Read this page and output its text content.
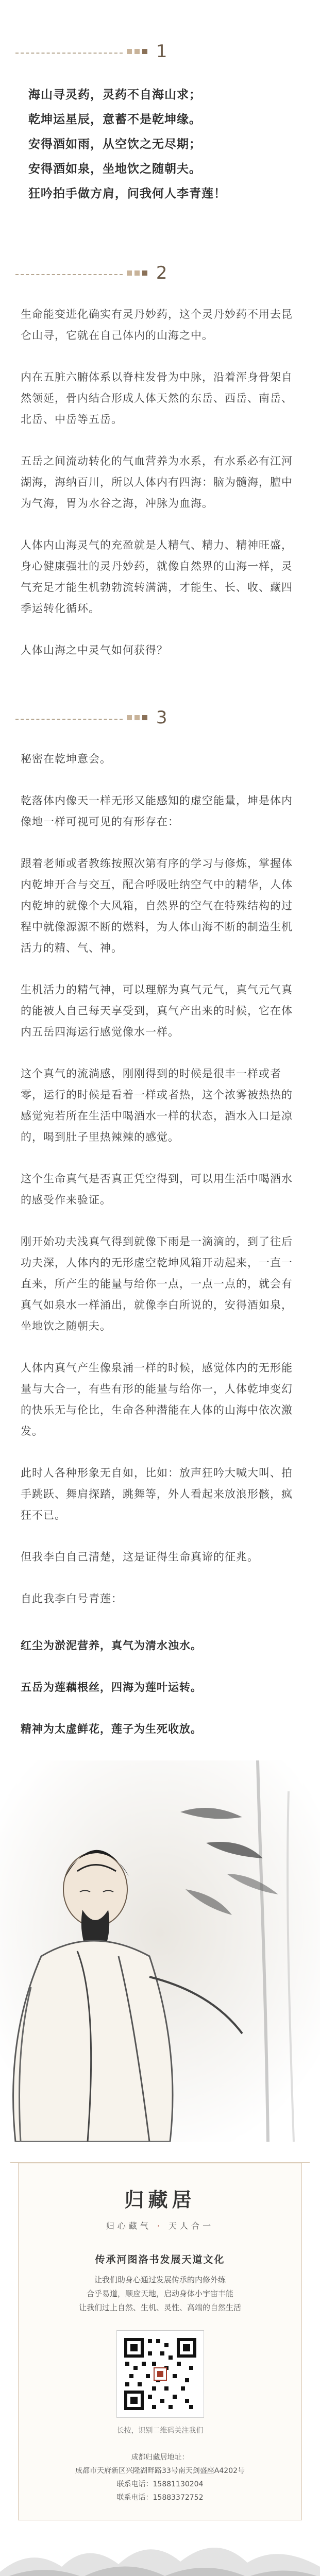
1

海山寻灵药，灵药不自海山求；

乾坤运星辰，意蓄不是乾坤缘。

安得酒如雨，从空饮之无尽期；

安得酒如泉，坐地饮之随朝夫。

狂吟拍手做方肩，问我何人李青莲！

2

生命能变进化确实有灵丹妙药，这个灵丹妙药不用去昆仑山寻，它就在自己体内的山海之中。

内在五脏六腑体系以脊柱发骨为中脉，沿着浑身骨架自然领延，骨内结合形成人体天然的东岳、西岳、南岳、北岳、中岳等五岳。

五岳之间流动转化的气血营养为水系，有水系必有江河湖海，海纳百川，所以人体内有四海：脑为髓海，膻中为气海，胃为水谷之海，冲脉为血海。

人体内山海灵气的充盈就是人精气、精力、精神旺盛，身心健康强壮的灵丹妙药，就像自然界的山海一样，灵气充足才能生机勃勃流转满满，才能生、长、收、藏四季运转化循环。

人体山海之中灵气如何获得？

3

秘密在乾坤意会。

乾落体内像天一样无形又能感知的虚空能量，坤是体内像地一样可视可见的有形存在：

跟着老师或者教练按照次第有序的学习与修炼，掌握体内乾坤开合与交互，配合呼吸吐纳空气中的精华，人体内乾坤的就像个大风箱，自然界的空气在特殊结构的过程中就像源源不断的燃料，为人体山海不断的制造生机活力的精、气、神。

生机活力的精气神，可以理解为真气元气，真气元气真的能被人自己每天享受到，真气产出来的时候，它在体内五岳四海运行感觉像水一样。

这个真气的流淌感，刚刚得到的时候是很丰一样或者零，运行的时候是看着一样或者热，这个浓雾被热热的感觉宛若所在生活中喝酒水一样的状态，酒水入口是凉的，喝到肚子里热辣辣的感觉。

这个生命真气是否真正凭空得到，可以用生活中喝酒水的感受作来验证。

刚开始功夫浅真气得到就像下雨是一滴滴的，到了往后功夫深，人体内的无形虚空乾坤风箱开动起来，一直一直来，所产生的能量与给你一点，一点一点的，就会有真气如泉水一样涌出，就像李白所说的，安得酒如泉，坐地饮之随朝夫。

人体内真气产生像泉涌一样的时候，感觉体内的无形能量与大合一，有些有形的能量与给你一，人体乾坤变幻的快乐无与伦比，生命各种潜能在人体的山海中依次激发。

此时人各种形象无自如，比如：放声狂吟大喊大叫、拍手跳跃、舞肩探踏，跳舞等，外人看起来放浪形骸，疯狂不已。

但我李白自己清楚，这是证得生命真谛的征兆。

自此我李白号青莲：

红尘为淤泥营养，真气为清水浊水。

五岳为莲藕根丝，四海为莲叶运转。

精神为太虚鲜花，莲子为生死收放。

归藏居
归心藏气 · 天人合一
传承河图洛书发展天道文化
让我们助身心通过发展传承的内修外练
合乎易道，顺应天地，启动身体小宇宙丰能
让我们过上自然、生机、灵性、高端的自然生活
长按，识别二维码关注我们
成都归藏居地址：
成都市天府新区兴隆湖畔路33号南天剑盛座A4202号
联系电话：15881130204
联系电话：15883372752
